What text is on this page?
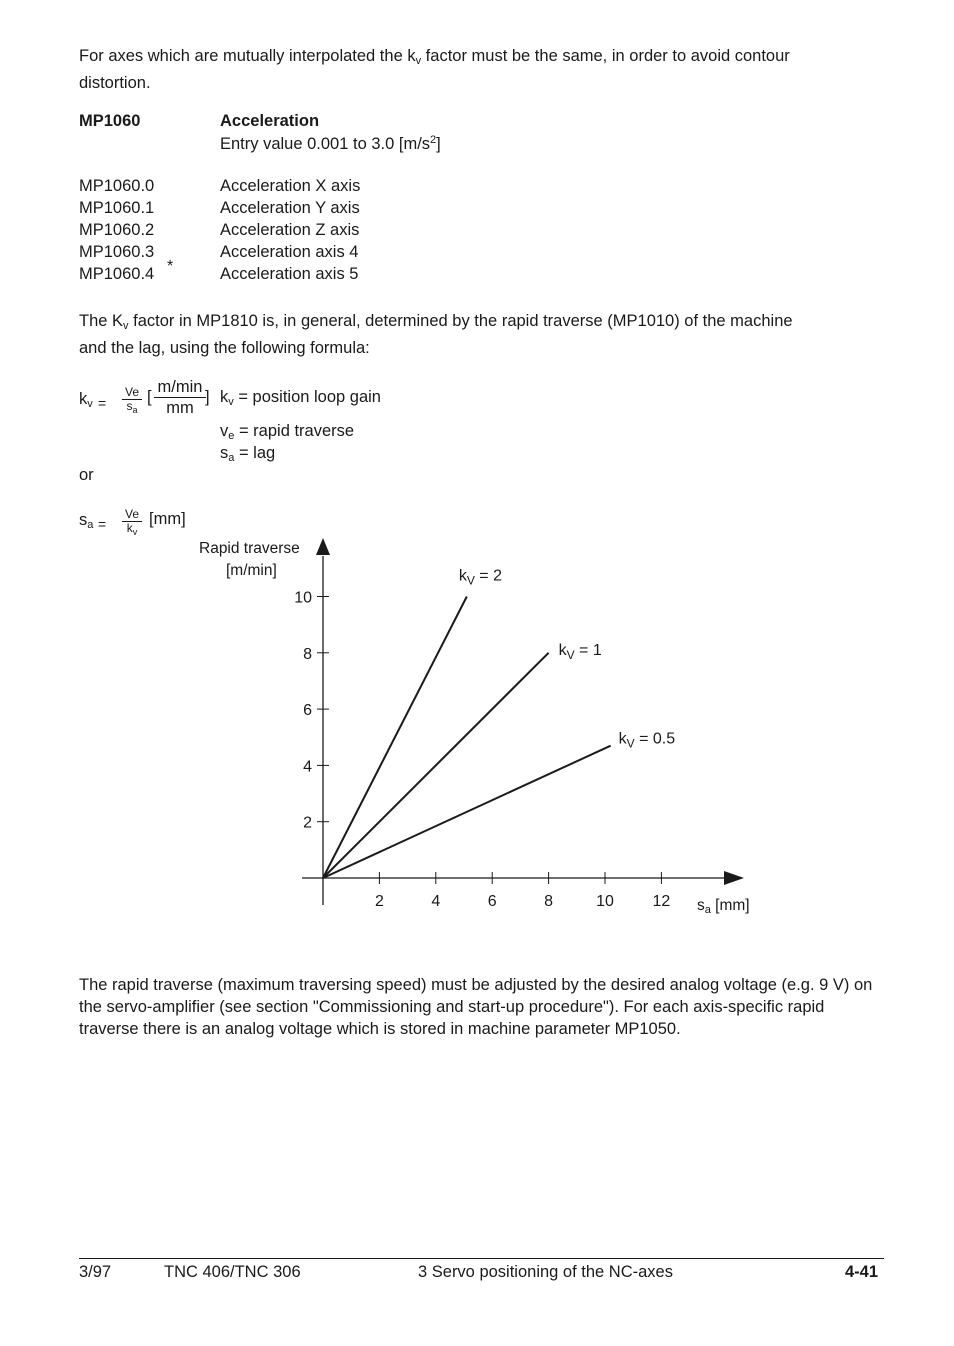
For axes which are mutually interpolated the $k_v$ factor must be the same, in order to avoid contour
distortion.
MP1060	Acceleration
Entry value 0.001 to 3.0 $[m/s^2]$
MP1060.0	Acceleration X axis
MP1060.1	Acceleration Y axis
MP1060.2	Acceleration Z axis
MP1060.3	Acceleration axis 4
MP1060.4 *	Acceleration axis 5
The $K_v$ factor in MP1810 is, in general, determined by the rapid traverse (MP1010) of the machine
and the lag, using the following formula:
$k_v = \frac{Ve}{s_a}$ [
m/min
mm
] $k_v$ = position loop gain
$v_e$ = rapid traverse
$s_a$ = lag
or
$s_a = \frac{Ve}{k_v} [mm]$
2	4	6	8	10 12
2
4
6
8
10
$k_V = 2$
$k_V = 1$
$k_V = 0.5$
Rapid traverse
[m/min]
$s_a$ [mm]
The rapid traverse (maximum traversing speed) must be adjusted by the desired analog voltage (e.g. 9 V) on the servo-amplifier (see section "Commissioning and start-up procedure"). For each axis-specific rapid traverse there is an analog voltage which is stored in machine parameter MP1050.
3/97	TNC 406/TNC 306	3 Servo positioning of the NC-axes	4-41
